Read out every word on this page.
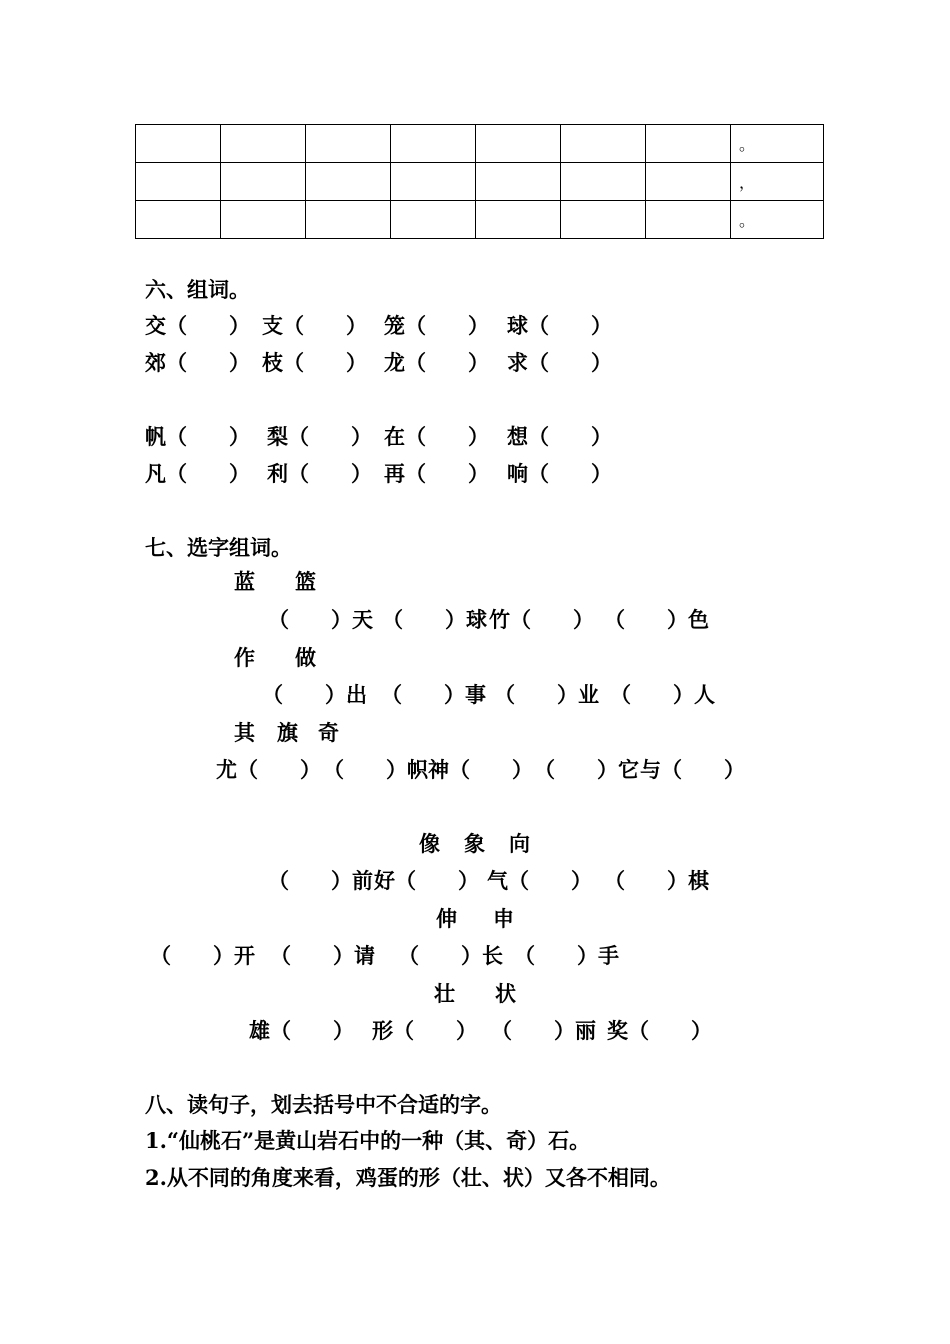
							。
							，
							。
六、组词。
交（　　） 支（　　） 笼（　　） 球（　　）
郊（　　） 枝（　　） 龙（　　） 求（　　）
帆（　　） 梨（　　） 在（　　） 想（　　）
凡（　　） 利（　　） 再（　　） 响（　　）
七、选字组词。
蓝 篮
（　　）天 （　　）球 竹（　　） （　　）色
作 做
（　　）出 （　　）事 （　　）业 （　　）人
其 旗 奇
尤（　　） （　　）帜 神（　　） （　　）它 与（　　）
像 象 向
（　　）前 好（　　） 气（　　） （　　）棋
伸 申
（　　）开 （　　）请 （　　）长 （　　）手
壮 状
雄（　　） 形（　　） （　　）丽 奖（　　）
八、读句子，划去括号中不合适的字。
1.“仙桃石”是黄山岩石中的一种（其、奇）石。
2.从不同的角度来看，鸡蛋的形（壮、状）又各不相同。
